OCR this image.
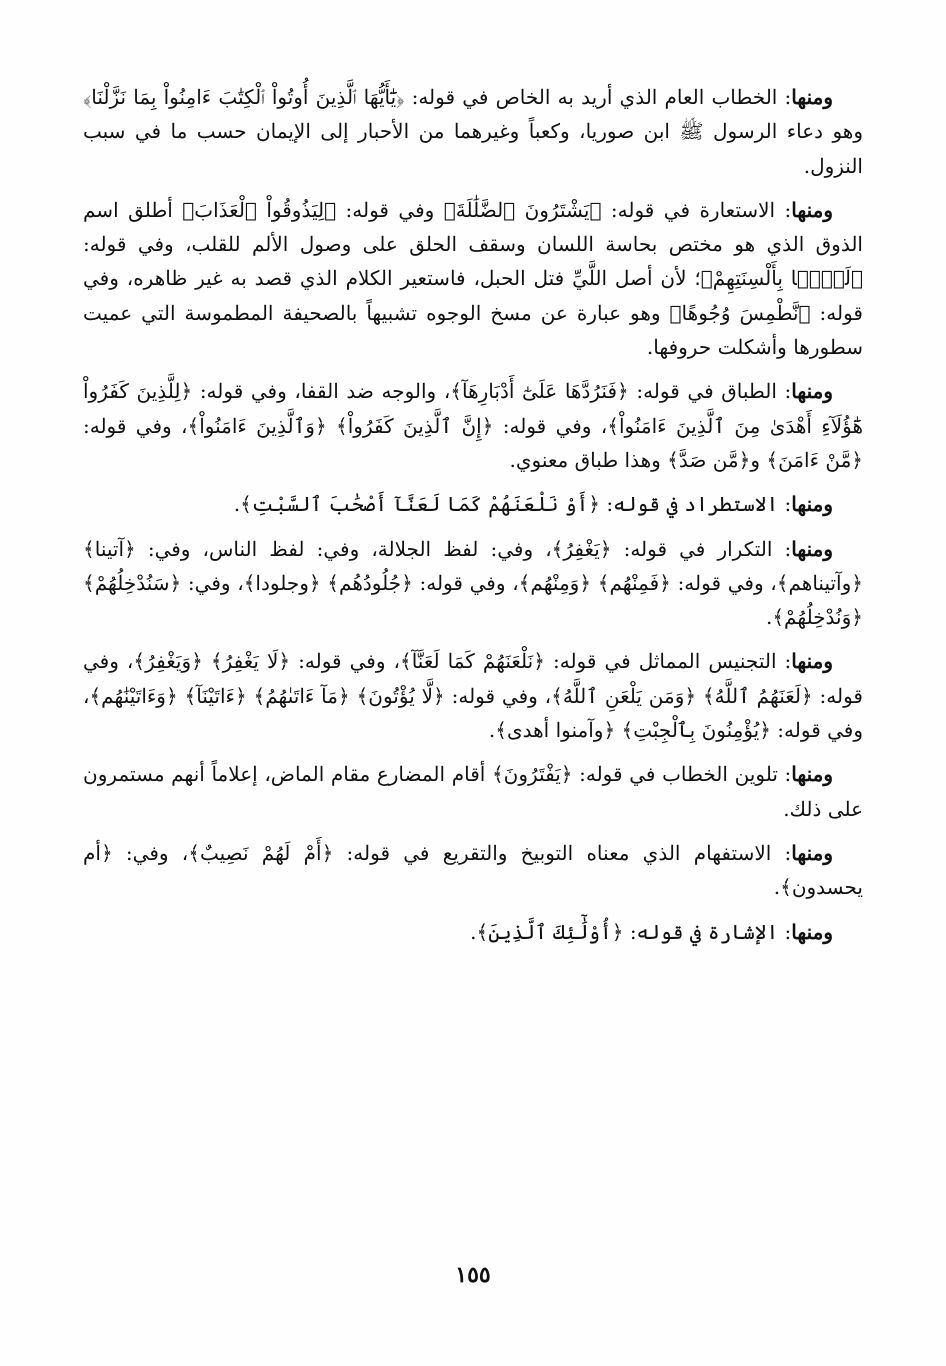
ومنها: الخطاب العام الذي أريد به الخاص في قوله: ﴿يَٰٓأَيُّهَا ٱلَّذِينَ أُوتُواْ ٱلْكِتَٰبَ ءَامِنُواْ بِمَا نَزَّلْنَا﴾ وهو دعاء الرسول ﷺ ابن صوريا، وكعباً وغيرهما من الأحبار إلى الإيمان حسب ما في سبب النزول.

ومنها: الاستعارة في قوله: ﴿يَشْتَرُونَ ٱلضَّلَٰلَةَ﴾ وفي قوله: ﴿لِيَذُوقُواْ ٱلْعَذَابَ﴾ أطلق اسم الذوق الذي هو مختص بحاسة اللسان وسقف الحلق على وصول الألم للقلب، وفي قوله: ﴿لَيًّۢا بِأَلْسِنَتِهِمْ﴾؛ لأن أصل اللَّيِّ فتل الحبل، فاستعير الكلام الذي قصد به غير ظاهره، وفي قوله: ﴿نَّطْمِسَ وُجُوهًا﴾ وهو عبارة عن مسخ الوجوه تشبيهاً بالصحيفة المطموسة التي عميت سطورها وأشكلت حروفها.

ومنها: الطباق في قوله: ﴿فَنَرُدَّهَا عَلَىٰٓ أَدْبَارِهَآ﴾، والوجه ضد القفا، وفي قوله: ﴿لِلَّذِينَ كَفَرُواْ هَٰٓؤُلَآءِ أَهْدَىٰ مِنَ ٱلَّذِينَ ءَامَنُواْ﴾، وفي قوله: ﴿إِنَّ ٱلَّذِينَ كَفَرُواْ﴾ ﴿وَٱلَّذِينَ ءَامَنُواْ﴾، وفي قوله: ﴿مَّنْ ءَامَنَ﴾ و﴿مَّن صَدَّ﴾ وهذا طباق معنوي.

ومنها: الاستطراد في قوله: ﴿أَوْ نَلْعَنَهُمْ كَمَا لَعَنَّآ أَصْحَٰبَ ٱلسَّبْتِ﴾.

ومنها: التكرار في قوله: ﴿يَغْفِرُ﴾، وفي: لفظ الجلالة، وفي: لفظ الناس، وفي: ﴿آتينا﴾ ﴿وآتيناهم﴾، وفي قوله: ﴿فَمِنْهُم﴾ ﴿وَمِنْهُم﴾، وفي قوله: ﴿جُلُودُهُم﴾ ﴿وجلودا﴾، وفي: ﴿سَنُدْخِلُهُمْ﴾ ﴿وَنُدْخِلُهُمْ﴾.

ومنها: التجنيس المماثل في قوله: ﴿نَلْعَنَهُمْ كَمَا لَعَنَّآ﴾، وفي قوله: ﴿لَا يَغْفِرُ﴾ ﴿وَيَغْفِرُ﴾، وفي قوله: ﴿لَعَنَهُمُ ٱللَّهُ﴾ ﴿وَمَن يَلْعَنِ ٱللَّهُ﴾، وفي قوله: ﴿لَّا يُؤْتُونَ﴾ ﴿مَآ ءَاتَىٰهُمُ﴾ ﴿ءَاتَيْنَآ﴾ ﴿وَءَاتَيْنَٰهُم﴾، وفي قوله: ﴿يُؤْمِنُونَ بِٱلْجِبْتِ﴾ ﴿وآمنوا أهدى﴾.

ومنها: تلوين الخطاب في قوله: ﴿يَفْتَرُونَ﴾ أقام المضارع مقام الماض، إعلاماً أنهم مستمرون على ذلك.

ومنها: الاستفهام الذي معناه التوبيخ والتقريع في قوله: ﴿أَمْ لَهُمْ نَصِيبٌ﴾، وفي: ﴿أم يحسدون﴾.

ومنها: الإشارة في قوله: ﴿أُوْلَٰٓئِكَ ٱلَّذِينَ﴾.

١٥٥
